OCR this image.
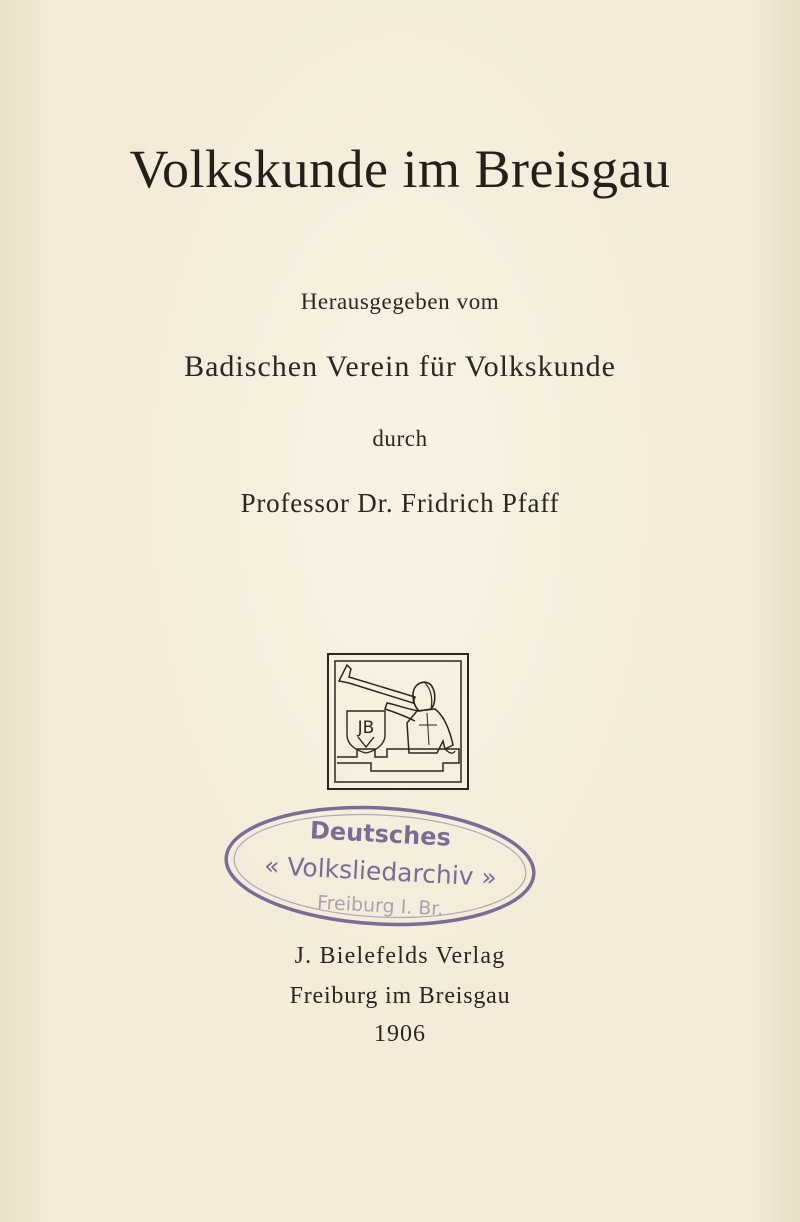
Volkskunde im Breisgau
Herausgegeben vom
Badischen Verein für Volkskunde
durch
Professor Dr. Fridrich Pfaff
JB
Deutsches
« Volksliedarchiv »
Freiburg I. Br.
J. Bielefelds Verlag
Freiburg im Breisgau
1906
